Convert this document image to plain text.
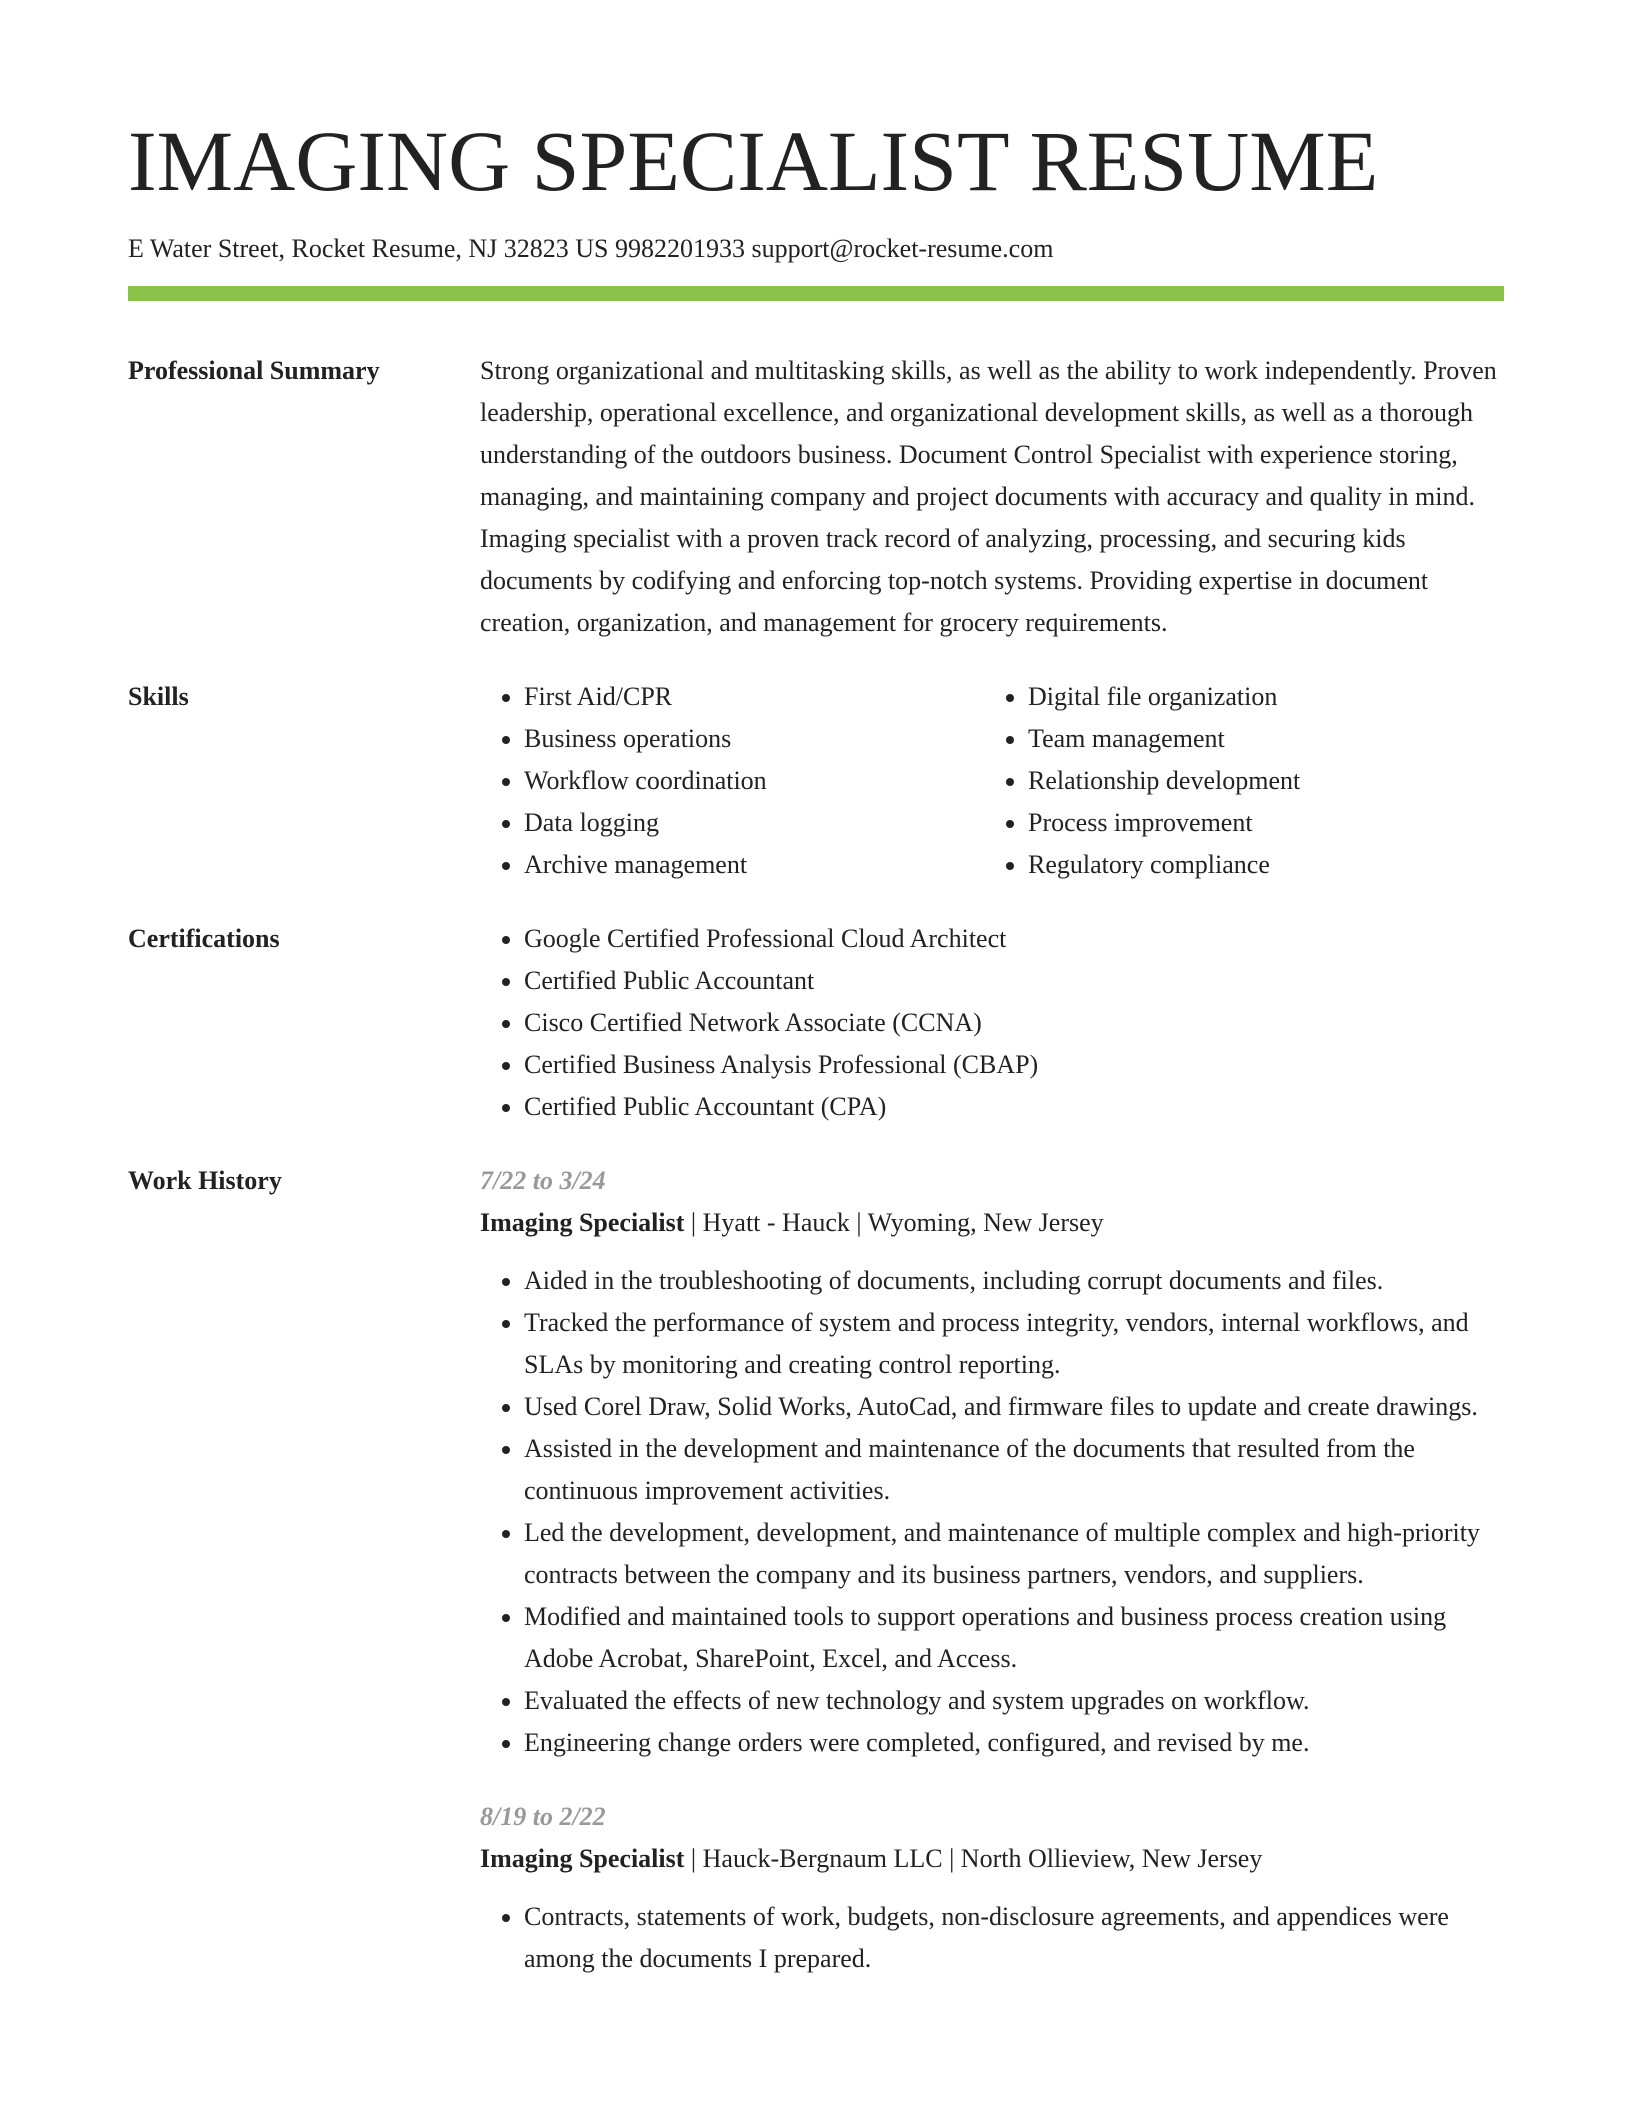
IMAGING SPECIALIST RESUME
E Water Street, Rocket Resume, NJ 32823 US 9982201933 support@rocket-resume.com
Professional Summary	Strong organizational and multitasking skills, as well as the ability to work independently. Proven leadership, operational excellence, and organizational development skills, as well as a thorough understanding of the outdoors business. Document Control Specialist with experience storing, managing, and maintaining company and project documents with accuracy and quality in mind. Imaging specialist with a proven track record of analyzing, processing, and securing kids documents by codifying and enforcing top-notch systems. Providing expertise in document creation, organization, and management for grocery requirements.

Skills	• First Aid/CPR
• Business operations
• Workflow coordination
• Data logging
• Archive management
• Digital file organization
• Team management
• Relationship development
• Process improvement
• Regulatory compliance
Certifications	• Google Certified Professional Cloud Architect
• Certified Public Accountant
• Cisco Certified Network Associate (CCNA)
• Certified Business Analysis Professional (CBAP)
• Certified Public Accountant (CPA)
Work History	7/22 to 3/24
Imaging Specialist | Hyatt - Hauck | Wyoming, New Jersey
• Aided in the troubleshooting of documents, including corrupt documents and files.
• Tracked the performance of system and process integrity, vendors, internal workflows, and SLAs by monitoring and creating control reporting.
• Used Corel Draw, Solid Works, AutoCad, and firmware files to update and create drawings.
• Assisted in the development and maintenance of the documents that resulted from the continuous improvement activities.
• Led the development, development, and maintenance of multiple complex and high-priority contracts between the company and its business partners, vendors, and suppliers.
• Modified and maintained tools to support operations and business process creation using Adobe Acrobat, SharePoint, Excel, and Access.
• Evaluated the effects of new technology and system upgrades on workflow.
• Engineering change orders were completed, configured, and revised by me.
8/19 to 2/22
Imaging Specialist | Hauck-Bergnaum LLC | North Ollieview, New Jersey
• Contracts, statements of work, budgets, non-disclosure agreements, and appendices were among the documents I prepared.
